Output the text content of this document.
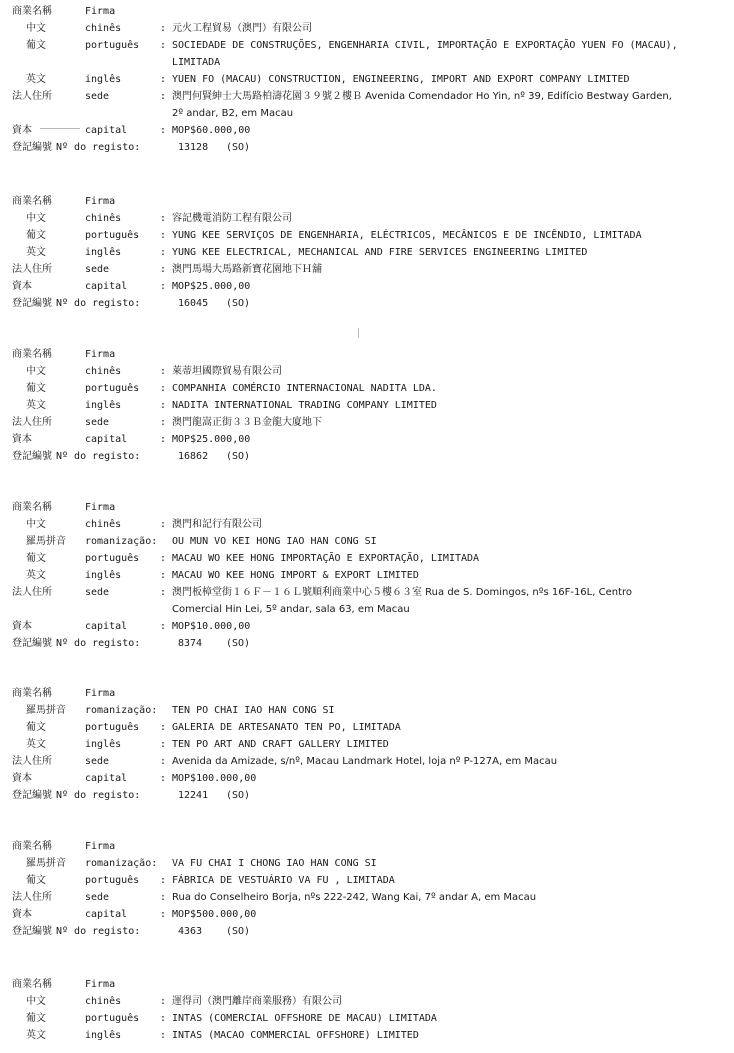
商業名稱	Firma
中文	chinês	: 元火工程貿易（澳門）有限公司
葡文	português : SOCIEDADE DE CONSTRUÇÕES, ENGENHARIA CIVIL, IMPORTAÇÃO E EXPORTAÇÃO YUEN FO (MACAU), LIMITADA
英文	inglês	: YUEN FO (MACAU) CONSTRUCTION, ENGINEERING, IMPORT AND EXPORT COMPANY LIMITED
法人住所	sede	: 澳門何賢紳士大馬路柏濤花園３９號２樓Ｂ Avenida Comendador Ho Yin, nº 39, Edifício Bestway Garden, 2º andar, B2, em Macau
資本	capital	: MOP$60.000,00
登記編號 Nº do registo:	13128 (SO)
商業名稱	Firma
中文	chinês	: 容記機電消防工程有限公司
葡文	português : YUNG KEE SERVIÇOS DE ENGENHARIA, ELÉCTRICOS, MECÂNICOS E DE INCÊNDIO, LIMITADA
英文	inglês	: YUNG KEE ELECTRICAL, MECHANICAL AND FIRE SERVICES ENGINEERING LIMITED
法人住所	sede	: 澳門馬場大馬路新寶花園地下Ｈ舖
資本	capital	: MOP$25.000,00
登記編號 Nº do registo:	16045 (SO)
商業名稱	Firma
中文	chinês	: 萊蒂坦國際貿易有限公司
葡文	português : COMPANHIA COMÉRCIO INTERNACIONAL NADITA LDA.
英文	inglês	: NADITA INTERNATIONAL TRADING COMPANY LIMITED
法人住所	sede	: 澳門龍嵩正街３３Ｂ金龍大廈地下
資本	capital	: MOP$25.000,00
登記編號 Nº do registo:	16862 (SO)
商業名稱	Firma
中文	chinês	: 澳門和記行有限公司
羅馬拼音 romanização: OU MUN VO KEI HONG IAO HAN CONG SI
葡文	português : MACAU WO KEE HONG IMPORTAÇÃO E EXPORTAÇÃO, LIMITADA
英文	inglês	: MACAU WO KEE HONG IMPORT & EXPORT LIMITED
法人住所	sede	: 澳門板樟堂街１６Ｆ－１６Ｌ號順利商業中心５樓６３室 Rua de S. Domingos, nºs 16F-16L, Centro Comercial Hin Lei, 5º andar, sala 63, em Macau
資本	capital	: MOP$10.000,00
登記編號 Nº do registo:	8374 (SO)
商業名稱	Firma
羅馬拼音 romanização: TEN PO CHAI IAO HAN CONG SI
葡文	português : GALERIA DE ARTESANATO TEN PO, LIMITADA
英文	inglês	: TEN PO ART AND CRAFT GALLERY LIMITED
法人住所	sede	: Avenida da Amizade, s/nº, Macau Landmark Hotel, loja nº P-127A, em Macau
資本	capital	: MOP$100.000,00
登記編號 Nº do registo:	12241 (SO)
商業名稱	Firma
羅馬拼音 romanização: VA FU CHAI I CHONG IAO HAN CONG SI
葡文	português : FÁBRICA DE VESTUÁRIO VA FU , LIMITADA
法人住所	sede	: Rua do Conselheiro Borja, nºs 222-242, Wang Kai, 7º andar A, em Macau
資本	capital	: MOP$500.000,00
登記編號 Nº do registo:	4363 (SO)
商業名稱	Firma
中文	chinês	: 運得司（澳門離岸商業服務）有限公司
葡文	português : INTAS (COMERCIAL OFFSHORE DE MACAU) LIMITADA
英文	inglês	: INTAS (MACAO COMMERCIAL OFFSHORE) LIMITED
